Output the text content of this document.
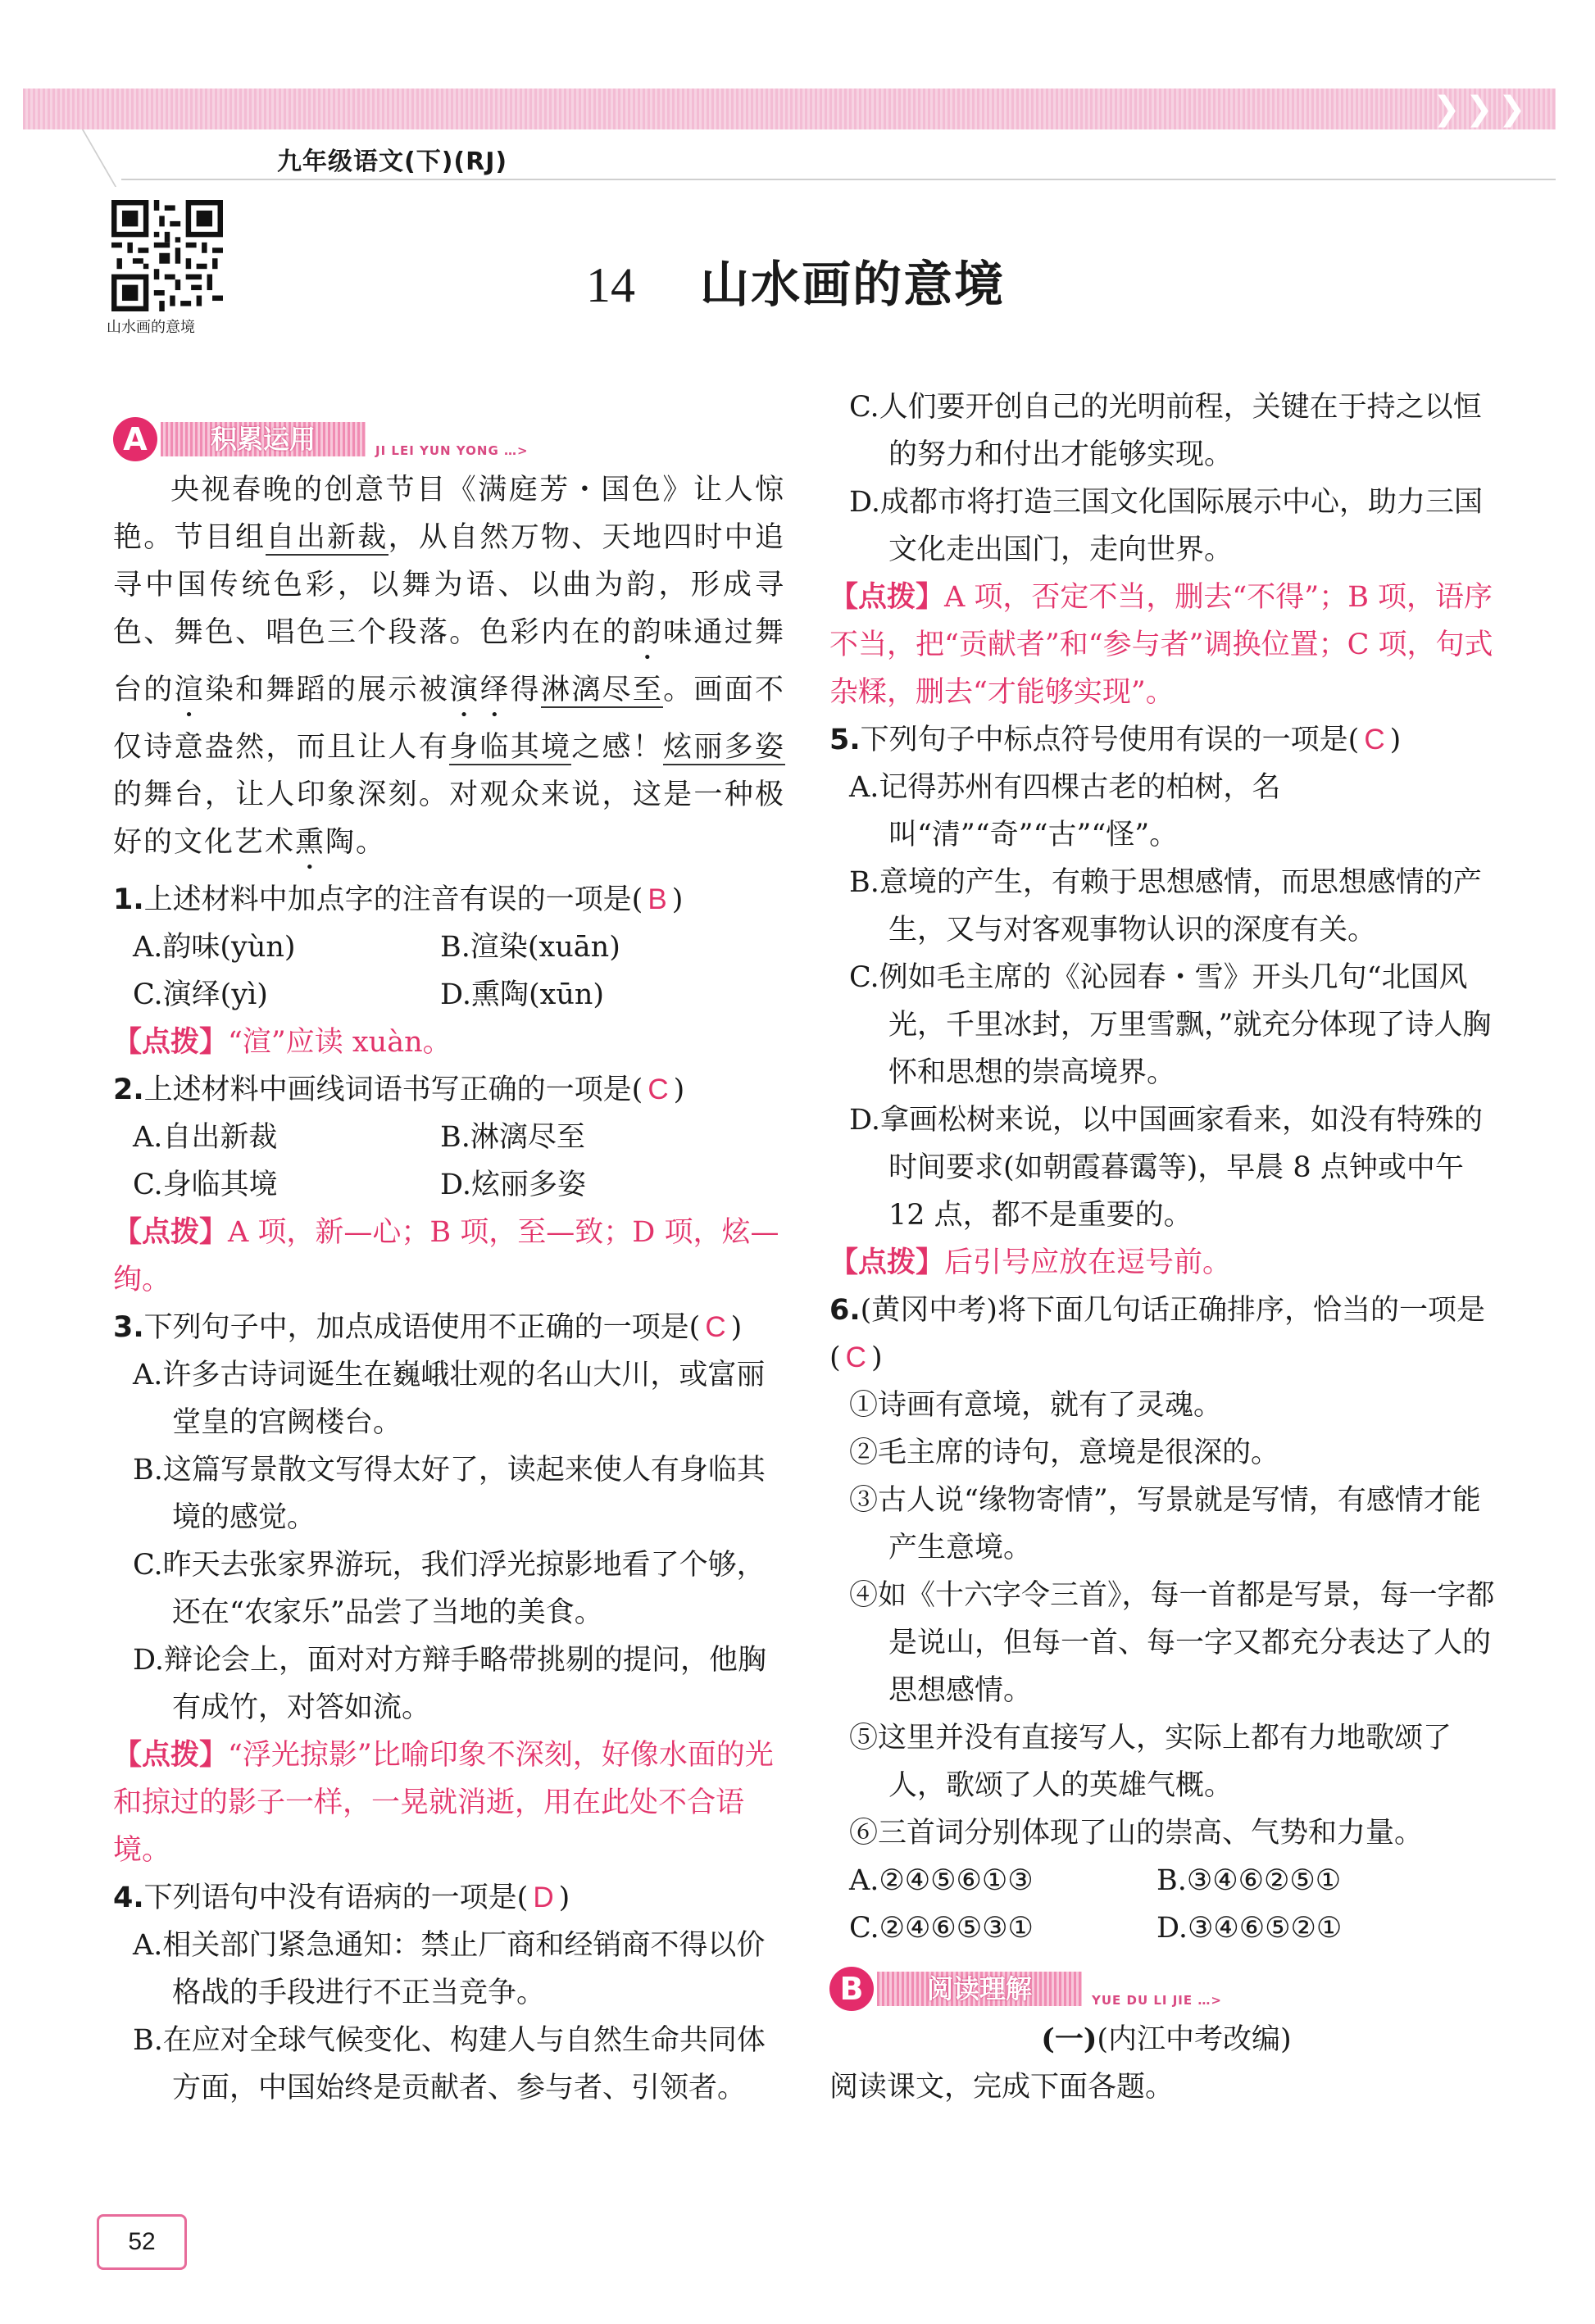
❯ ❯ ❯
九年级语文(下)(RJ)
山水画的意境
14 山水画的意境
A	积累运用	JI LEI YUN YONG …>
央视春晚的创意节目《满庭芳・国色》让人惊艳。节目组自出新裁，从自然万物、天地四时中追寻中国传统色彩，以舞为语、以曲为韵，形成寻色、舞色、唱色三个段落。色彩内在的韵味通过舞台的渲染和舞蹈的展示被演绎得淋漓尽至。画面不仅诗意盎然，而且让人有身临其境之感！炫丽多姿的舞台，让人印象深刻。对观众来说，这是一种极好的文化艺术熏陶。
1.上述材料中加点字的注音有误的一项是( B )
A.韵味(yùn)	B.渲染(xuān)
C.演绎(yì)	D.熏陶(xūn)
【点拨】“渲”应读 xuàn。
2.上述材料中画线词语书写正确的一项是( C )
A.自出新裁	B.淋漓尽至
C.身临其境	D.炫丽多姿
【点拨】A 项，新—心；B 项，至—致；D 项，炫—绚。
3.下列句子中，加点成语使用不正确的一项是( C )
A.许多古诗词诞生在巍峨壮观的名山大川，或富丽堂皇的宫阙楼台。
B.这篇写景散文写得太好了，读起来使人有身临其境的感觉。
C.昨天去张家界游玩，我们浮光掠影地看了个够，还在“农家乐”品尝了当地的美食。
D.辩论会上，面对对方辩手略带挑剔的提问，他胸有成竹，对答如流。
【点拨】“浮光掠影”比喻印象不深刻，好像水面的光和掠过的影子一样，一晃就消逝，用在此处不合语境。
4.下列语句中没有语病的一项是( D )
A.相关部门紧急通知：禁止厂商和经销商不得以价格战的手段进行不正当竞争。
B.在应对全球气候变化、构建人与自然生命共同体方面，中国始终是贡献者、参与者、引领者。
C.人们要开创自己的光明前程，关键在于持之以恒的努力和付出才能够实现。
D.成都市将打造三国文化国际展示中心，助力三国文化走出国门，走向世界。
【点拨】A 项，否定不当，删去“不得”；B 项，语序不当，把“贡献者”和“参与者”调换位置；C 项，句式杂糅，删去“才能够实现”。
5.下列句子中标点符号使用有误的一项是( C )
A.记得苏州有四棵古老的柏树，名叫“清”“奇”“古”“怪”。
B.意境的产生，有赖于思想感情，而思想感情的产生，又与对客观事物认识的深度有关。
C.例如毛主席的《沁园春・雪》开头几句“北国风光，千里冰封，万里雪飘，”就充分体现了诗人胸怀和思想的崇高境界。
D.拿画松树来说，以中国画家看来，如没有特殊的时间要求(如朝霞暮霭等)，早晨 8 点钟或中午 12 点，都不是重要的。
【点拨】后引号应放在逗号前。
6.(黄冈中考)将下面几句话正确排序，恰当的一项是( C )
①诗画有意境，就有了灵魂。
②毛主席的诗句，意境是很深的。
③古人说“缘物寄情”，写景就是写情，有感情才能产生意境。
④如《十六字令三首》，每一首都是写景，每一字都是说山，但每一首、每一字又都充分表达了人的思想感情。
⑤这里并没有直接写人，实际上都有力地歌颂了人，歌颂了人的英雄气概。
⑥三首词分别体现了山的崇高、气势和力量。
A.②④⑤⑥①③	B.③④⑥②⑤①
C.②④⑥⑤③①	D.③④⑥⑤②①
B	阅读理解	YUE DU LI JIE …>
(一)(内江中考改编)
阅读课文，完成下面各题。
52
